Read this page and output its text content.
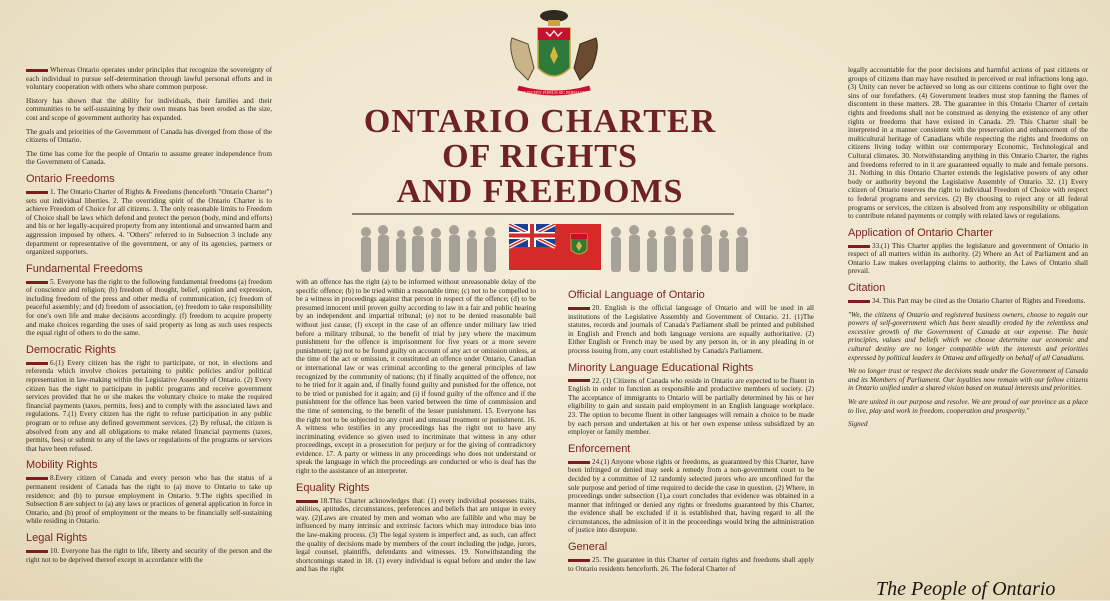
UT INCEPIT FIDELIS SIC PERMANET
ONTARIO CHARTER
OF RIGHTS
AND FREEDOMS

Whereas Ontario operates under principles that recognize the sovereignty of each individual to pursue self-determination through lawful personal efforts and in voluntary cooperation with others who share common purpose.

History has shown that the ability for individuals, their families and their communities to be self-sustaining by their own means has been eroded as the size, cost and scope of government authority has expanded.

The goals and priorities of the Government of Canada has diverged from those of the citizens of Ontario.

The time has come for the people of Ontario to assume greater independence from the Government of Canada.

Ontario Freedoms

1. The Ontario Charter of Rights & Freedoms (henceforth "Ontario Charter") sets out individual liberties. 2. The overriding spirit of the Ontario Charter is to achieve Freedom of Choice for all citizens. 3. The only reasonable limits to Freedom of Choice shall be laws which defend and protect the person (body, mind and efforts) and his or her legally-acquired property from any intentional and unwanted harm and aggression imposed by others. 4. "Others" referred to in Subsection 3 include any department or representative of the government, or any of its agencies, partners or organized supporters.

Fundamental Freedoms

5. Everyone has the right to the following fundamental freedoms (a) freedom of conscience and religion; (b) freedom of thought, belief, opinion and expression, including freedom of the press and other media of communication, (c) freedom of peaceful assembly; and (d) freedom of association, (e) freedom to take responsibility for one's own life and make decisions accordingly. (f) freedom to acquire property and make choices regarding the uses of said property as long as such uses respects the equal right of others to do the same.

Democratic Rights

6.(1) Every citizen has the right to participate, or not, in elections and referenda which involve choices pertaining to public policies and/or political representation in law-making within the Legislative Assembly of Ontario. (2) Every citizen has the right to participate in public programs and receive government services provided that he or she makes the voluntary choice to make the required financial payments (taxes, permits, fees) and to comply with the associated laws and regulations. 7.(1) Every citizen has the right to refuse participation in any public program or to refuse any defined government services. (2) By refusal, the citizen is absolved from any and all obligations to make related financial payments (taxes, permits, fees) or submit to any of the laws or regulations of the programs or services that have been refused.

Mobility Rights

8.Every citizen of Canada and every person who has the status of a permanent resident of Canada has the right to (a) move to Ontario to take up residence; and (b) to pursue employment in Ontario. 9.The rights specified in Subsection 8 are subject to (a) any laws or practices of general application in force in Ontario, and (b) proof of employment or the means to be financially self-sustaining while residing in Ontario.

Legal Rights

10. Everyone has the right to life, liberty and security of the person and the right not to be deprived thereof except in accordance with the

with an offence has the right (a) to be informed without unreasonable delay of the specific offence; (b) to be tried within a reasonable time; (c) not to be compelled to be a witness in proceedings against that person in respect of the offence; (d) to be presumed innocent until proven guilty according to law in a fair and public hearing by an independent and impartial tribunal; (e) not to be denied reasonable bail without just cause; (f) except in the case of an offence under military law tried before a military tribunal, to the benefit of trial by jury where the maximum punishment for the offence is imprisonment for five years or a more severe punishment; (g) not to be found guilty on account of any act or omission unless, at the time of the act or omission, it constituted an offence under Ontario, Canadian or international law or was criminal according to the general principles of law recognized by the community of nations; (h) if finally acquitted of the offence, not to be tried for it again and, if finally found guilty and punished for the offence, not to be tried or punished for it again; and (i) if found guilty of the offence and if the punishment for the offence has been varied between the time of commission and the time of sentencing, to the benefit of the lesser punishment. 15. Everyone has the right not to be subjected to any cruel and unusual treatment or punishment. 16. A witness who testifies in any proceedings has the right not to have any incriminating evidence so given used to incriminate that witness in any other proceedings, except in a prosecution for perjury or for the giving of contradictory evidence. 17. A party or witness in any proceedings who does not understand or speak the language in which the proceedings are conducted or who is deaf has the right to the assistance of an interpreter.

Equality Rights

18.This Charter acknowledges that: (1) every individual possesses traits, abilities, aptitudes, circumstances, preferences and beliefs that are unique in every way. (2)Laws are created by men and woman who are fallible and who may be influenced by many intrinsic and extrinsic factors which may introduce bias into the law-making process. (3) The legal system is imperfect and, as such, can affect the quality of decisions made by members of the court including the judge, jurors, legal counsel, plaintiffs, defendants and witnesses. 19. Notwithstanding the shortcomings stated in 18. (1) every individual is equal before and under the law and has the right

Official Language of Ontario

20. English is the official language of Ontario and will be used in all institutions of the Legislative Assembly and Government of Ontario. 21. (1)The statutes, records and journals of Canada's Parliament shall be printed and published in English and French and both language versions are equally authoritative. (2) Either English or French may be used by any person in, or in any pleading in or process issuing from, any court established by Canada's Parliament.

Minority Language Educational Rights

22. (1) Citizens of Canada who reside in Ontario are expected to be fluent in English in order to function as responsible and productive members of society. (2) The acceptance of immigrants to Ontario will be partially determined by his or her eligibility to gain and sustain paid employment in an English language workplace. 23. The option to become fluent in other languages will remain a choice to be made by each person and undertaken at his or her own expense unless subsidized by an employer or family member.

Enforcement

24.(1) Anyone whose rights or freedoms, as guaranteed by this Charter, have been infringed or denied may seek a remedy from a non-government court to be decided by a committee of 12 randomly selected jurors who are unconfined for the sole purpose and period of time required to decide the case in question. (2) Where, in proceedings under subsection (1),a court concludes that evidence was obtained in a manner that infringed or denied any rights or freedoms guaranteed by this Charter, the evidence shall be excluded if it is established that, having regard to all the circumstances, the admission of it in the proceedings would bring the administration of justice into disrepute.

General

25. The guarantee in this Charter of certain rights and freedoms shall apply to Ontario residents henceforth. 26. The federal Charter of

legally accountable for the poor decisions and harmful actions of past citizens or groups of citizens than may have resulted in perceived or real infractions long ago. (3) Unity can never be achieved so long as our citizens continue to fight over the sins of our forefathers. (4) Government leaders must stop fanning the flames of discontent in these matters. 28. The guarantee in this Ontario Charter of certain rights and freedoms shall not be construed as denying the existence of any other rights or freedoms that have existed in Canada. 29. This Charter shall be interpreted in a manner consistent with the preservation and enhancement of the multicultural heritage of Canadians while respecting the rights and freedoms on citizens living today within our contemporary Economic, Technological and Cultural climates. 30. Notwithstanding anything in this Ontario Charter, the rights and freedoms referred to in it are guaranteed equally to male and female persons. 31. Nothing in this Ontario Charter extends the legislative powers of any other body or authority beyond the Legislative Assembly of Ontario. 32. (1) Every citizen of Ontario reserves the right to individual Freedom of Choice with respect to federal programs and services. (2) By choosing to reject any or all federal programs or services, the citizen is absolved from any responsibility or obligation to contribute related payments or comply with related laws or regulations.

Application of Ontario Charter

33.(1) This Charter applies the legislature and government of Ontario in respect of all matters within its authority. (2) Where an Act of Parliament and an Ontario Law makes overlapping claims to authority, the Laws of Ontario shall prevail.

Citation

34. This Part may be cited as the Ontario Charter of Rights and Freedoms.

"We, the citizens of Ontario and registered business owners, choose to regain our powers of self-government which has been steadily eroded by the relentless and excessive growth of the Government of Canada at our expense. The basic principles, values and beliefs which we choose determine our economic and cultural destiny are no longer compatible with the interests and priorities expressed by political leaders in Ottawa and allegedly on behalf of all Canadians.

We no longer trust or respect the decisions made under the Government of Canada and its Members of Parliament. Our loyalties now remain with our fellow citizens in Ontario unified under a shared vision based on mutual interests and priorities.

We are united in our purpose and resolve. We are proud of our province as a place to live, play and work in freedom, cooperation and prosperity."

Signed

The People of Ontario
